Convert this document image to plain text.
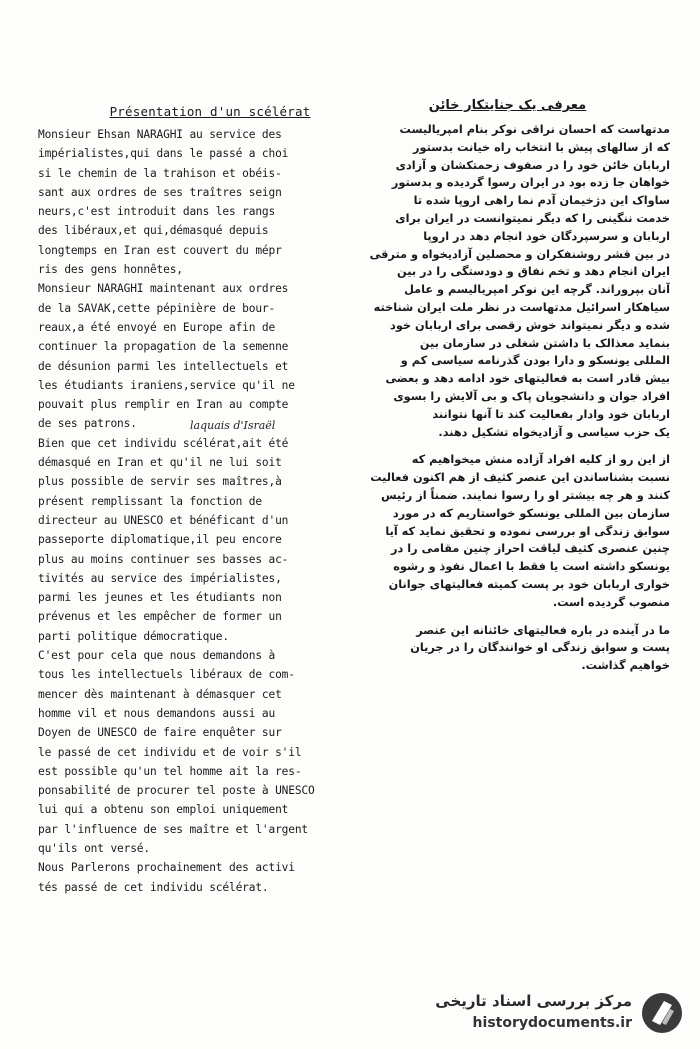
Présentation d'un scélérat
Monsieur Ehsan NARAGHI au service des
impérialistes,qui dans le passé a choi
si le chemin de la trahison et obéis-
sant aux ordres de ses traîtres seign
neurs,c'est introduit dans les rangs
des libéraux,et qui,démasqué depuis
longtemps en Iran est couvert du mépr
ris des gens honnêtes,
Monsieur NARAGHI maintenant aux ordres
de la SAVAK,cette pépinière de bour-
reaux,a été envoyé en Europe afin de
continuer la propagation de la semenne
de désunion parmi les intellectuels et
les étudiants iraniens,service qu'il ne
pouvait plus remplir en Iran au compte
de ses patrons.
Bien que cet individu scélérat,ait été
démasqué en Iran et qu'il ne lui soit
plus possible de servir ses maîtres,à
présent remplissant la fonction de
directeur au UNESCO et bénéficant d'un
passeporte diplomatique,il peu encore
plus au moins continuer ses basses ac-
tivités au service des impérialistes,
parmi les jeunes et les étudiants non
prévenus et les empêcher de former un
parti politique démocratique.
C'est pour cela que nous demandons à
tous les intellectuels libéraux de com-
mencer dès maintenant à démasquer cet
homme vil et nous demandons aussi au
Doyen de UNESCO de faire enquêter sur
le passé de cet individu et de voir s'il
est possible qu'un tel homme ait la res-
ponsabilité de procurer tel poste à UNESCO
lui qui a obtenu son emploi uniquement
par l'influence de ses maître et l'argent
qu'ils ont versé.
Nous Parlerons prochainement des activi
tés passé de cet individu scélérat.
laquais d'Israël
معرفی یک جنایتکار خائن
مدتهاست که احسان نراقی نوکر بنام امپریالیست
که از سالهای پیش با انتخاب راه خیانت بدستور
اربابان خائن خود را در صفوف زحمتکشان و آزادی
خواهان جا زده بود در ایران رسوا گردیده و بدستور
ساواک این دژخیمان آدم نما راهی اروپا شده تا
خدمت ننگینی را که دیگر نمیتوانست در ایران برای
اربابان و سرسپردگان خود انجام دهد در اروپا
در بین قشر روشنفکران و محصلین آزادیخواه و مترقی
ایران انجام دهد و تخم نفاق و دودستگی را در بین
آنان بپروراند. گرچه این نوکر امپریالیسم و عامل
سیاهکار اسرائیل مدتهاست در نظر ملت ایران شناخته
شده و دیگر نمیتواند خوش رقصی برای اربابان خود
بنماید معذالک با داشتن شغلی در سازمان بین
المللی یونسکو و دارا بودن گذرنامه سیاسی کم و
بیش قادر است به فعالیتهای خود ادامه دهد و بعضی
افراد جوان و دانشجویان پاک و بی آلایش را بسوی
اربابان خود وادار بفعالیت کند تا آنها نتوانند
یک حزب سیاسی و آزادیخواه تشکیل دهند.
از این رو از کلیه افراد آزاده منش میخواهیم که
نسبت بشناساندن این عنصر کثیف از هم اکنون فعالیت
کنند و هر چه بیشتر او را رسوا نمایند. ضمناً از رئیس
سازمان بین المللی یونسکو خواستاریم که در مورد
سوابق زندگی او بررسی نموده و تحقیق نماید که آیا
چنین عنصری کثیف لیاقت احراز چنین مقامی را در
یونسکو داشته است یا فقط با اعمال نفوذ و رشوه
خواری اربابان خود بر پست کمیته فعالیتهای جوانان
منصوب گردیده است.
ما در آینده در باره فعالیتهای خائنانه این عنصر
پست و سوابق زندگی او خوانندگان را در جریان
خواهیم گذاشت.
مرکز بررسی اسناد تاریخی
historydocuments.ir
